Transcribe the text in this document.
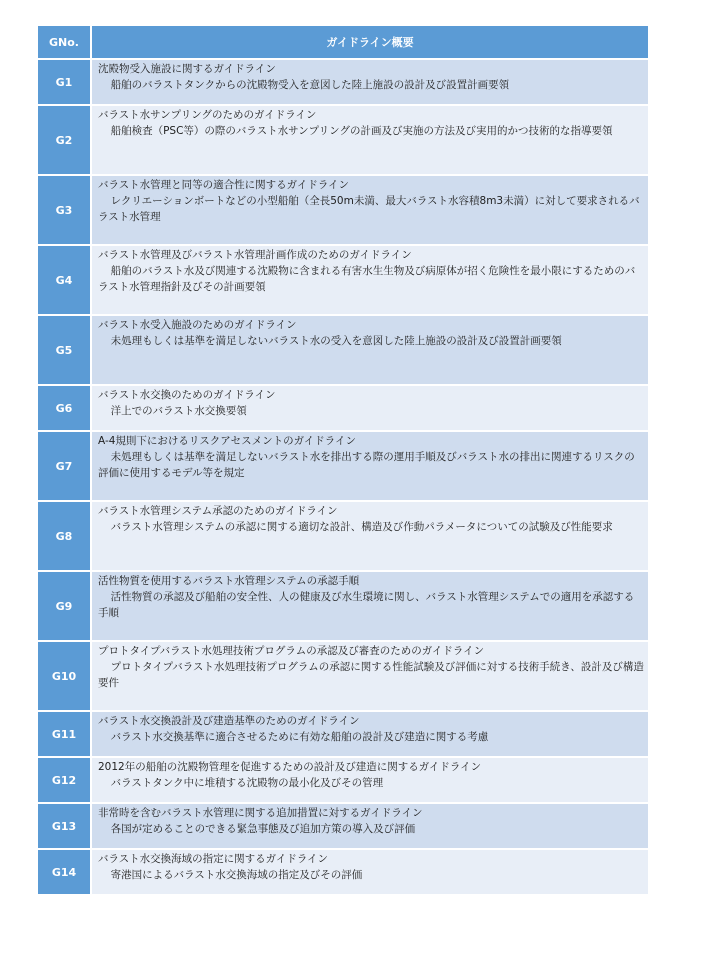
GNo.	ガイドライン概要
G1
沈殿物受入施設に関するガイドライン
船舶のバラストタンクからの沈殿物受入を意図した陸上施設の設計及び設置計画要領
G2
バラスト水サンプリングのためのガイドライン
船舶検査（PSC等）の際のバラスト水サンプリングの計画及び実施の方法及び実用的かつ技術的な指導要領
G3
バラスト水管理と同等の適合性に関するガイドライン
レクリエーションボートなどの小型船舶（全長50m未満、最大バラスト水容積8m3未満）に対して要求されるバラスト水管理
G4
バラスト水管理及びバラスト水管理計画作成のためのガイドライン
船舶のバラスト水及び関連する沈殿物に含まれる有害水生生物及び病原体が招く危険性を最小限にするためのバラスト水管理指針及びその計画要領
G5
バラスト水受入施設のためのガイドライン
未処理もしくは基準を満足しないバラスト水の受入を意図した陸上施設の設計及び設置計画要領
G6
バラスト水交換のためのガイドライン
洋上でのバラスト水交換要領
G7
A-4規則下におけるリスクアセスメントのガイドライン
未処理もしくは基準を満足しないバラスト水を排出する際の運用手順及びバラスト水の排出に関連するリスクの評価に使用するモデル等を規定
G8
バラスト水管理システム承認のためのガイドライン
バラスト水管理システムの承認に関する適切な設計、構造及び作動パラメータについての試験及び性能要求
G9
活性物質を使用するバラスト水管理システムの承認手順
活性物質の承認及び船舶の安全性、人の健康及び水生環境に関し、バラスト水管理システムでの適用を承認する手順
G10
プロトタイプバラスト水処理技術プログラムの承認及び審査のためのガイドライン
プロトタイプバラスト水処理技術プログラムの承認に関する性能試験及び評価に対する技術手続き、設計及び構造要件
G11
バラスト水交換設計及び建造基準のためのガイドライン
バラスト水交換基準に適合させるために有効な船舶の設計及び建造に関する考慮
G12
2012年の船舶の沈殿物管理を促進するための設計及び建造に関するガイドライン
バラストタンク中に堆積する沈殿物の最小化及びその管理
G13
非常時を含むバラスト水管理に関する追加措置に対するガイドライン
各国が定めることのできる緊急事態及び追加方策の導入及び評価
G14
バラスト水交換海域の指定に関するガイドライン
寄港国によるバラスト水交換海域の指定及びその評価
